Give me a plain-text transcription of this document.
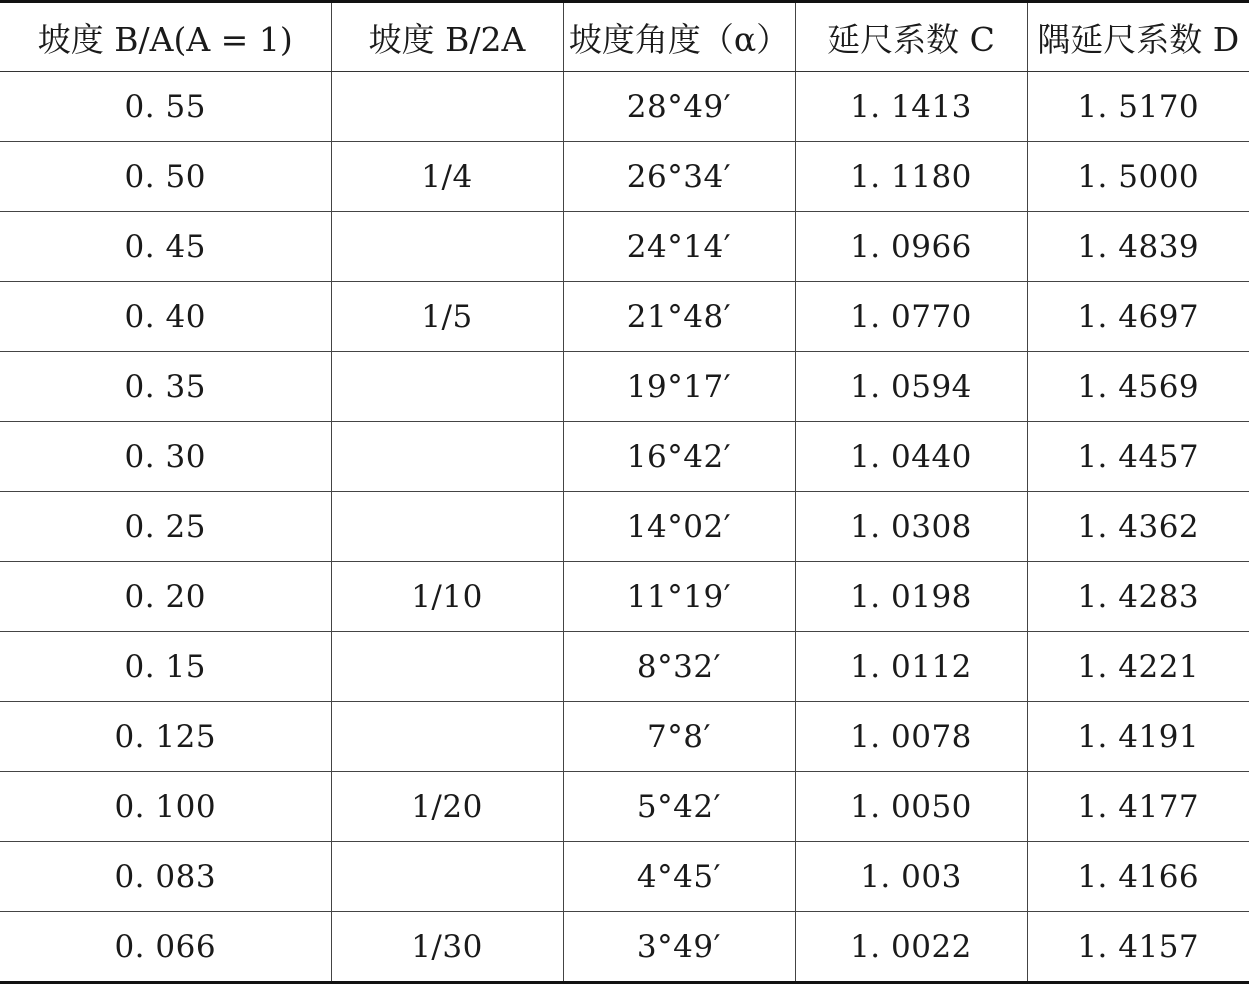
坡度 B/A(A = 1)	坡度 B/2A	坡度角度（α）	延尺系数 C	隅延尺系数 D
0. 55		28°49′	1. 1413	1. 5170
0. 50	1/4	26°34′	1. 1180	1. 5000
0. 45		24°14′	1. 0966	1. 4839
0. 40	1/5	21°48′	1. 0770	1. 4697
0. 35		19°17′	1. 0594	1. 4569
0. 30		16°42′	1. 0440	1. 4457
0. 25		14°02′	1. 0308	1. 4362
0. 20	1/10	11°19′	1. 0198	1. 4283
0. 15		8°32′	1. 0112	1. 4221
0. 125		7°8′	1. 0078	1. 4191
0. 100	1/20	5°42′	1. 0050	1. 4177
0. 083		4°45′	1. 003	1. 4166
0. 066	1/30	3°49′	1. 0022	1. 4157
